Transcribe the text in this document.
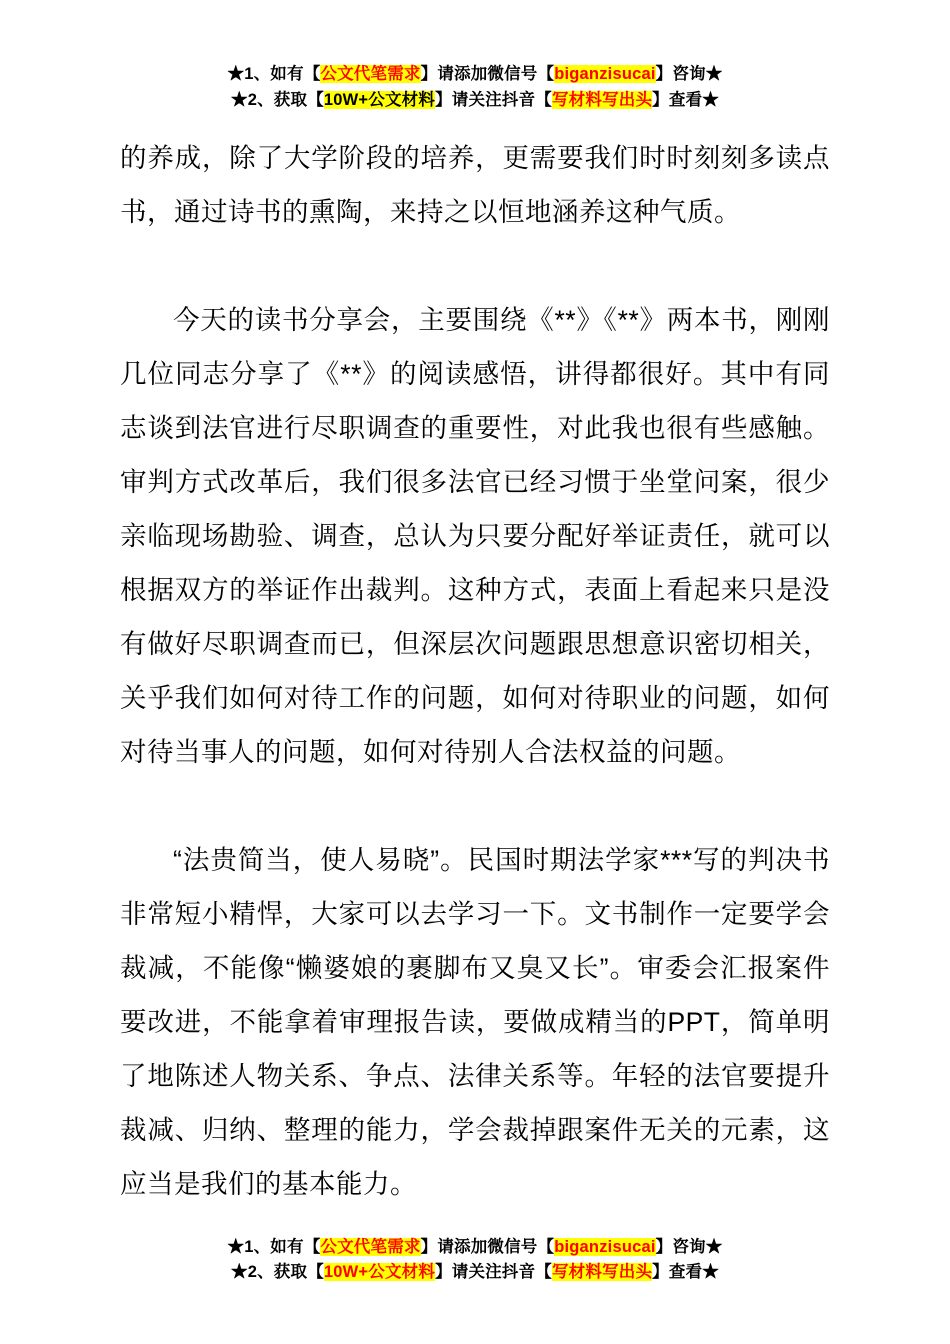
★1、如有【公文代笔需求】请添加微信号【biganzisucai】咨询★
★2、获取【10W+公文材料】请关注抖音【写材料写出头】查看★

的养成，除了大学阶段的培养，更需要我们时时刻刻多读点书，通过诗书的熏陶，来持之以恒地涵养这种气质。

今天的读书分享会，主要围绕《**》《**》两本书，刚刚几位同志分享了《**》的阅读感悟，讲得都很好。其中有同志谈到法官进行尽职调查的重要性，对此我也很有些感触。审判方式改革后，我们很多法官已经习惯于坐堂问案，很少亲临现场勘验、调查，总认为只要分配好举证责任，就可以根据双方的举证作出裁判。这种方式，表面上看起来只是没有做好尽职调查而已，但深层次问题跟思想意识密切相关，关乎我们如何对待工作的问题，如何对待职业的问题，如何对待当事人的问题，如何对待别人合法权益的问题。

“法贵简当，使人易晓”。民国时期法学家***写的判决书非常短小精悍，大家可以去学习一下。文书制作一定要学会裁减，不能像“懒婆娘的裹脚布又臭又长”。审委会汇报案件要改进，不能拿着审理报告读，要做成精当的PPT，简单明了地陈述人物关系、争点、法律关系等。年轻的法官要提升裁减、归纳、整理的能力，学会裁掉跟案件无关的元素，这应当是我们的基本能力。

★1、如有【公文代笔需求】请添加微信号【biganzisucai】咨询★
★2、获取【10W+公文材料】请关注抖音【写材料写出头】查看★
